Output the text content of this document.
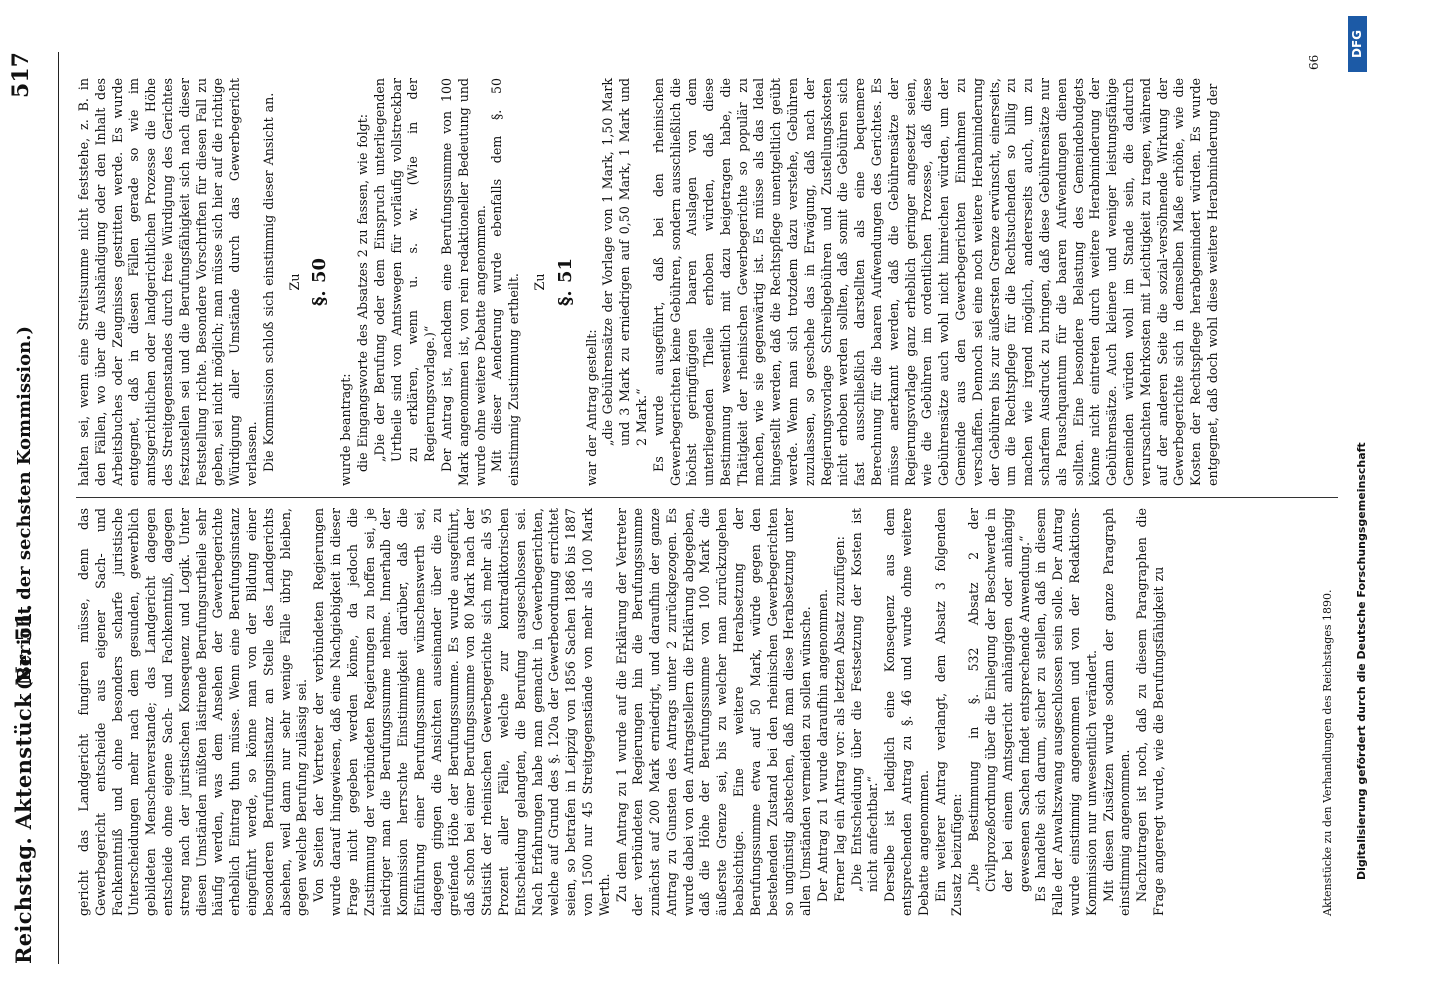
Reichstag. Aktenstück Nr. 51.
(Bericht der sechsten Kommission.)
517

gericht das Landgericht fungiren müsse, denn das Gewerbegericht entscheide aus eigener Sach- und Fachkenntniß und ohne besonders scharfe juristische Unterscheidungen mehr nach dem gesunden, gewerblich gebildeten Menschenverstande; das Landgericht dagegen entscheide ohne eigene Sach- und Fachkenntniß, dagegen streng nach der juristischen Konsequenz und Logik. Unter diesen Umständen müßten lästirende Berufungsurtheile sehr häufig werden, was dem Ansehen der Gewerbegerichte erheblich Eintrag thun müsse. Wenn eine Berufungsinstanz eingeführt werde, so könne man von der Bildung einer besonderen Berufungsinstanz an Stelle des Landgerichts absehen, weil dann nur sehr wenige Fälle übrig bleiben, gegen welche Berufung zulässig sei. Von Seiten der Vertreter der verbündeten Regierungen wurde darauf hingewiesen, daß eine Nachgiebigkeit in dieser Frage nicht gegeben werden könne, da jedoch die Zustimmung der verbündeten Regierungen zu hoffen sei, je niedriger man die Berufungssumme nehme. Innerhalb der Kommission herrschte Einstimmigkeit darüber, daß die Einführung einer Berufungssumme wünschenswerth sei, dagegen gingen die Ansichten auseinander über die zu greifende Höhe der Berufungssumme. Es wurde ausgeführt, daß schon bei einer Berufungssumme von 80 Mark nach der Statistik der rheinischen Gewerbegerichte sich mehr als 95 Prozent aller Fälle, welche zur kontradiktorischen Entscheidung gelangten, die Berufung ausgeschlossen sei. Nach Erfahrungen habe man gemacht in Gewerbegerichten, welche auf Grund des §. 120a der Gewerbeordnung errichtet seien, so betrafen in Leipzig von 1856 Sachen 1886 bis 1887 von 1500 nur 45 Streitgegenstände von mehr als 100 Mark Werth. Zu dem Antrag zu 1 wurde auf die Erklärung der Vertreter der verbündeten Regierungen hin die Berufungssumme zunächst auf 200 Mark erniedrigt, und daraufhin der ganze Antrag zu Gunsten des Antrags unter 2 zurückgezogen. Es wurde dabei von den Antragstellern die Erklärung abgegeben, daß die Höhe der Berufungssumme von 100 Mark die äußerste Grenze sei, bis zu welcher man zurückzugehen beabsichtige. Eine weitere Herabsetzung der Berufungssumme etwa auf 50 Mark, würde gegen den bestehenden Zustand bei den rheinischen Gewerbegerichten so ungünstig abstechen, daß man diese Herabsetzung unter allen Umständen vermeiden zu sollen wünsche. Der Antrag zu 1 wurde daraufhin angenommen. Ferner lag ein Antrag vor: als letzten Absatz zuzufügen: „Die Entscheidung über die Festsetzung der Kosten ist nicht anfechtbar.“ Derselbe ist lediglich eine Konsequenz aus dem entsprechenden Antrag zu §. 46 und wurde ohne weitere Debatte angenommen. Ein weiterer Antrag verlangt, dem Absatz 3 folgenden Zusatz beizufügen: „Die Bestimmung in §. 532 Absatz 2 der Civilprozeßordnung über die Einlegung der Beschwerde in der bei einem Amtsgericht anhängigen oder anhängig gewesenen Sachen findet entsprechende Anwendung.“ Es handelte sich darum, sicher zu stellen, daß in diesem Falle der Anwaltszwang ausgeschlossen sein solle. Der Antrag wurde einstimmig angenommen und von der Redaktions-Kommission nur unwesentlich verändert. Mit diesen Zusätzen wurde sodann der ganze Paragraph einstimmig angenommen. Nachzutragen ist noch, daß zu diesem Paragraphen die Frage angeregt wurde, wie die Berufungsfähigkeit zu

halten sei, wenn eine Streitsumme nicht feststehe, z. B. in den Fällen, wo über die Aushändigung oder den Inhalt des Arbeitsbuches oder Zeugnisses gestritten werde. Es wurde entgegnet, daß in diesen Fällen gerade so wie im amtsgerichtlichen oder landgerichtlichen Prozesse die Höhe des Streitgegenstandes durch freie Würdigung des Gerichtes festzustellen sei und die Berufungsfähigkeit sich nach dieser Feststellung richte. Besondere Vorschriften für diesen Fall zu geben, sei nicht möglich; man müsse sich hier auf die richtige Würdigung aller Umstände durch das Gewerbegericht verlassen. Die Kommission schloß sich einstimmig dieser Ansicht an. Zu §. 50

wurde beantragt: die Eingangsworte des Absatzes 2 zu fassen, wie folgt: „Die der Berufung oder dem Einspruch unterliegenden Urtheile sind von Amtswegen für vorläufig vollstreckbar zu erklären, wenn u. s. w. (Wie in der Regierungsvorlage.)“ Der Antrag ist, nachdem eine Berufungssumme von 100 Mark angenommen ist, von rein redaktioneller Bedeutung und wurde ohne weitere Debatte angenommen. Mit dieser Aenderung wurde ebenfalls dem §. 50 einstimmig Zustimmung ertheilt. Zu §. 51

war der Antrag gestellt: „die Gebührensätze der Vorlage von 1 Mark, 1,50 Mark und 3 Mark zu erniedrigen auf 0,50 Mark, 1 Mark und 2 Mark.“ Es wurde ausgeführt, daß bei den rheinischen Gewerbegerichten keine Gebühren, sondern ausschließlich die höchst geringfügigen baaren Auslagen von dem unterliegenden Theile erhoben würden, daß diese Bestimmung wesentlich mit dazu beigetragen habe, die Thätigkeit der rheinischen Gewerbegerichte so populär zu machen, wie sie gegenwärtig ist. Es müsse als das Ideal hingestellt werden, daß die Rechtspflege unentgeltlich geübt werde. Wenn man sich trotzdem dazu verstehe, Gebühren zuzulassen, so geschehe das in Erwägung, daß nach der Regierungsvorlage Schreibgebühren und Zustellungskosten nicht erhoben werden sollten, daß somit die Gebühren sich fast ausschließlich darstellten als eine bequemere Berechnung für die baaren Aufwendungen des Gerichtes. Es müsse anerkannt werden, daß die Gebührensätze der Regierungsvorlage ganz erheblich geringer angesetzt seien, wie die Gebühren im ordentlichen Prozesse, daß diese Gebührensätze auch wohl nicht hinreichen würden, um der Gemeinde aus den Gewerbegerichten Einnahmen zu verschaffen. Dennoch sei eine noch weitere Herabminderung der Gebühren bis zur äußersten Grenze erwünscht, einerseits, um die Rechtspflege für die Rechtsuchenden so billig zu machen wie irgend möglich, andererseits auch, um zu scharfem Ausdruck zu bringen, daß diese Gebührensätze nur als Pauschquantum für die baaren Aufwendungen dienen sollten. Eine besondere Belastung des Gemeindebudgets könne nicht eintreten durch weitere Herabminderung der Gebührensätze. Auch kleinere und weniger leistungsfähige Gemeinden würden wohl im Stande sein, die dadurch verursachten Mehrkosten mit Leichtigkeit zu tragen, während auf der anderen Seite die sozial-versöhnende Wirkung der Gewerbegerichte sich in demselben Maße erhöhe, wie die Kosten der Rechtspflege herabgemindert würden. Es wurde entgegnet, daß doch wohl diese weitere Herabminderung der

Aktenstücke zu den Verhandlungen des Reichstages 1890.
66
Digitalisierung gefördert durch die Deutsche Forschungsgemeinschaft
DFG
